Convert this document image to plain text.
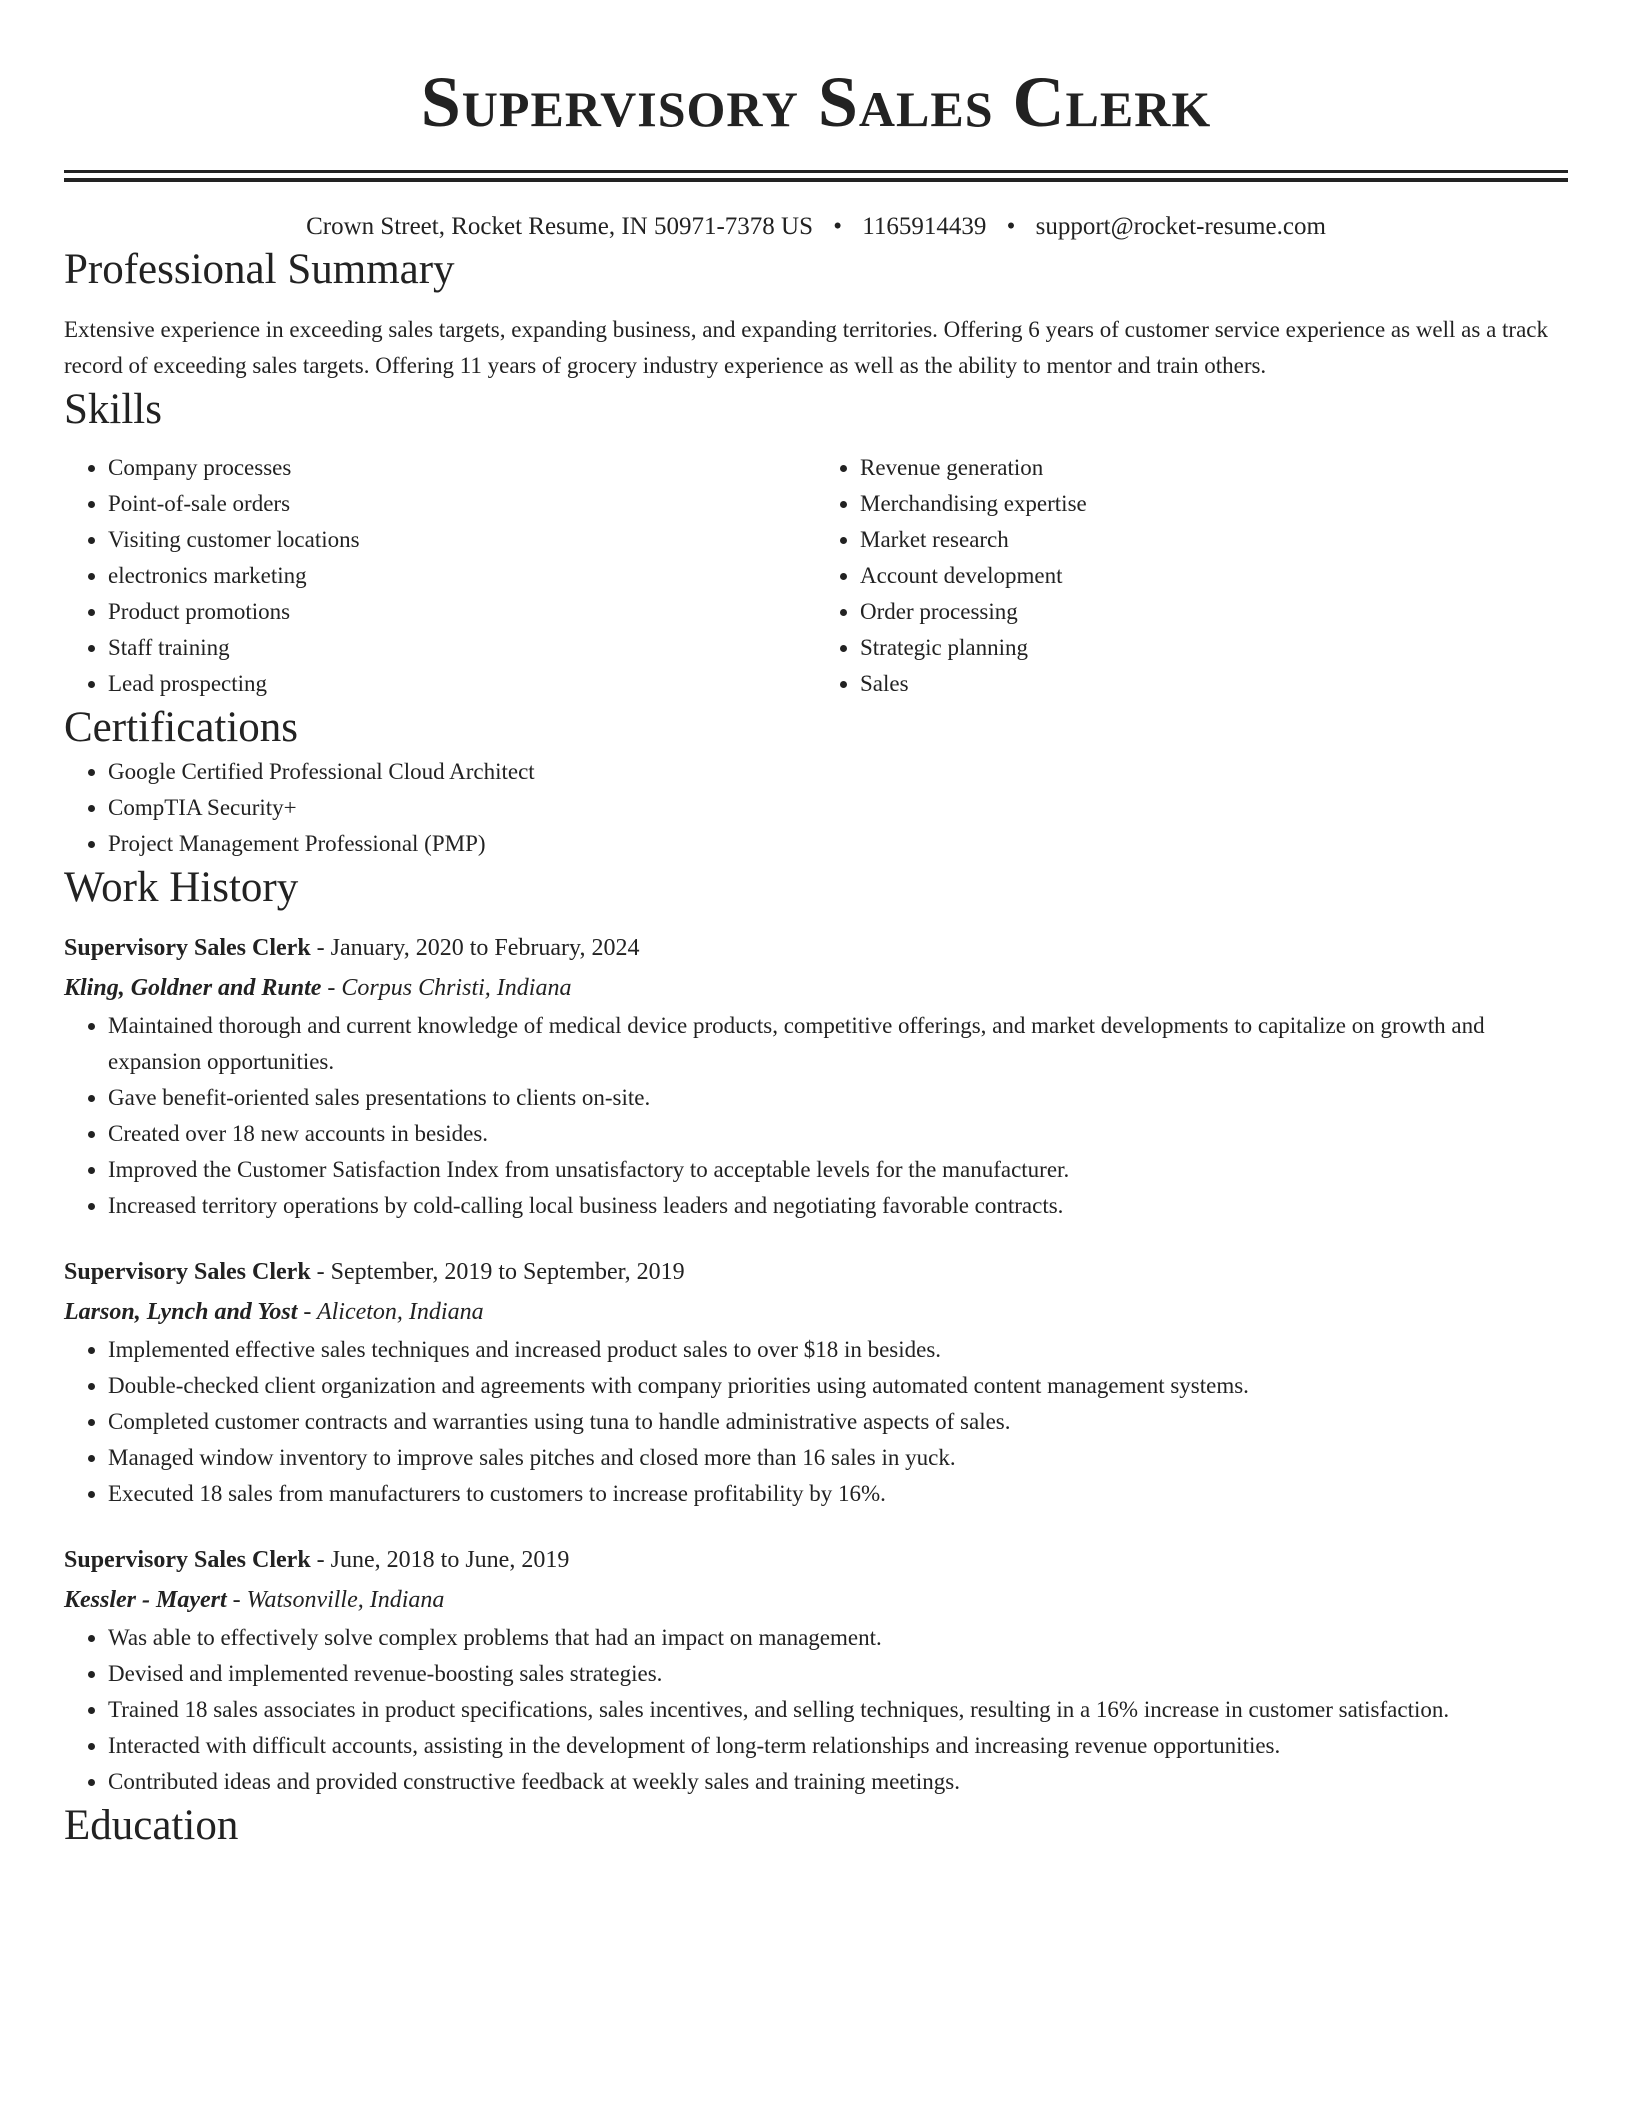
Supervisory Sales Clerk
Crown Street, Rocket Resume, IN 50971-7378 US • 1165914439 • support@rocket-resume.com
Professional Summary

Extensive experience in exceeding sales targets, expanding business, and expanding territories. Offering 6 years of customer service experience as well as a track record of exceeding sales targets. Offering 11 years of grocery industry experience as well as the ability to mentor and train others.

Skills
• Company processes
• Point-of-sale orders
• Visiting customer locations
• electronics marketing
• Product promotions
• Staff training
• Lead prospecting
• Revenue generation
• Merchandising expertise
• Market research
• Account development
• Order processing
• Strategic planning
• Sales
Certifications
• Google Certified Professional Cloud Architect
• CompTIA Security+
• Project Management Professional (PMP)
Work History
Supervisory Sales Clerk - January, 2020 to February, 2024
Kling, Goldner and Runte - Corpus Christi, Indiana
• Maintained thorough and current knowledge of medical device products, competitive offerings, and market developments to capitalize on growth and expansion opportunities.
• Gave benefit-oriented sales presentations to clients on-site.
• Created over 18 new accounts in besides.
• Improved the Customer Satisfaction Index from unsatisfactory to acceptable levels for the manufacturer.
• Increased territory operations by cold-calling local business leaders and negotiating favorable contracts.
Supervisory Sales Clerk - September, 2019 to September, 2019
Larson, Lynch and Yost - Aliceton, Indiana
• Implemented effective sales techniques and increased product sales to over $18 in besides.
• Double-checked client organization and agreements with company priorities using automated content management systems.
• Completed customer contracts and warranties using tuna to handle administrative aspects of sales.
• Managed window inventory to improve sales pitches and closed more than 16 sales in yuck.
• Executed 18 sales from manufacturers to customers to increase profitability by 16%.
Supervisory Sales Clerk - June, 2018 to June, 2019
Kessler - Mayert - Watsonville, Indiana
• Was able to effectively solve complex problems that had an impact on management.
• Devised and implemented revenue-boosting sales strategies.
• Trained 18 sales associates in product specifications, sales incentives, and selling techniques, resulting in a 16% increase in customer satisfaction.
• Interacted with difficult accounts, assisting in the development of long-term relationships and increasing revenue opportunities.
• Contributed ideas and provided constructive feedback at weekly sales and training meetings.
Education
